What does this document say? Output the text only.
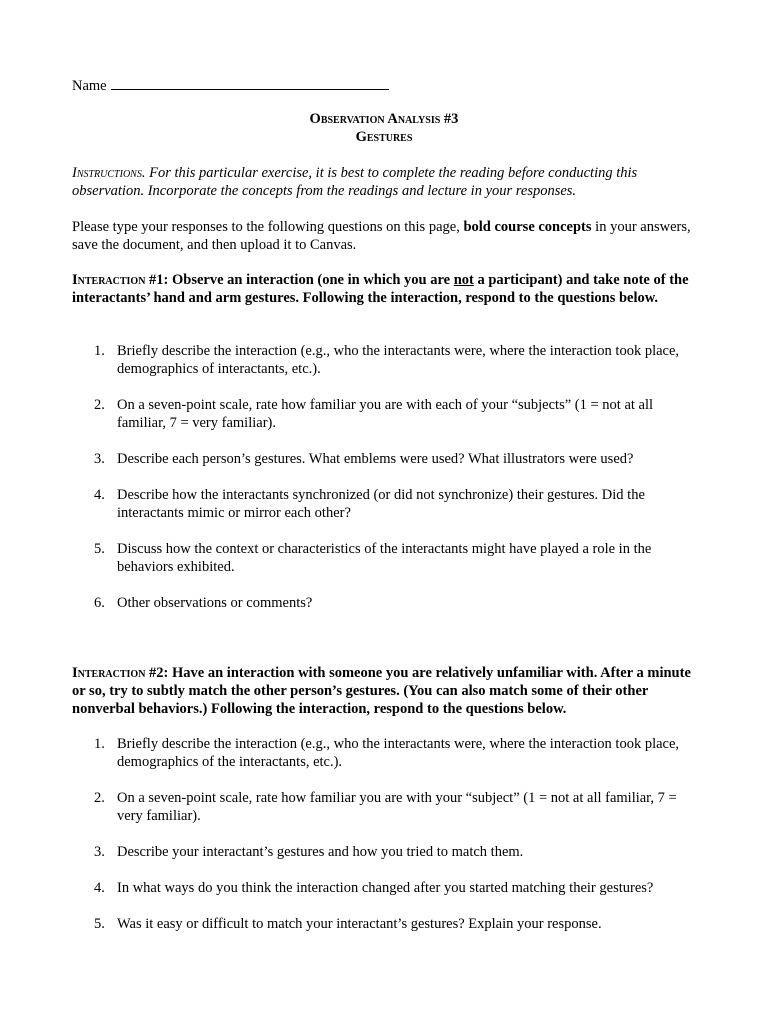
Name
Observation Analysis #3
Gestures
Instructions. For this particular exercise, it is best to complete the reading before conducting this observation. Incorporate the concepts from the readings and lecture in your responses.
Please type your responses to the following questions on this page, bold course concepts in your answers, save the document, and then upload it to Canvas.
Interaction #1: Observe an interaction (one in which you are not a participant) and take note of the interactants’ hand and arm gestures. Following the interaction, respond to the questions below.
1. Briefly describe the interaction (e.g., who the interactants were, where the interaction took place, demographics of interactants, etc.).
2. On a seven-point scale, rate how familiar you are with each of your “subjects” (1 = not at all familiar, 7 = very familiar).
3. Describe each person’s gestures. What emblems were used? What illustrators were used?
4. Describe how the interactants synchronized (or did not synchronize) their gestures. Did the interactants mimic or mirror each other?
5. Discuss how the context or characteristics of the interactants might have played a role in the behaviors exhibited.
6. Other observations or comments?
Interaction #2: Have an interaction with someone you are relatively unfamiliar with. After a minute or so, try to subtly match the other person’s gestures. (You can also match some of their other nonverbal behaviors.) Following the interaction, respond to the questions below.
1. Briefly describe the interaction (e.g., who the interactants were, where the interaction took place, demographics of the interactants, etc.).
2. On a seven-point scale, rate how familiar you are with your “subject” (1 = not at all familiar, 7 = very familiar).
3. Describe your interactant’s gestures and how you tried to match them.
4. In what ways do you think the interaction changed after you started matching their gestures?
5. Was it easy or difficult to match your interactant’s gestures? Explain your response.
